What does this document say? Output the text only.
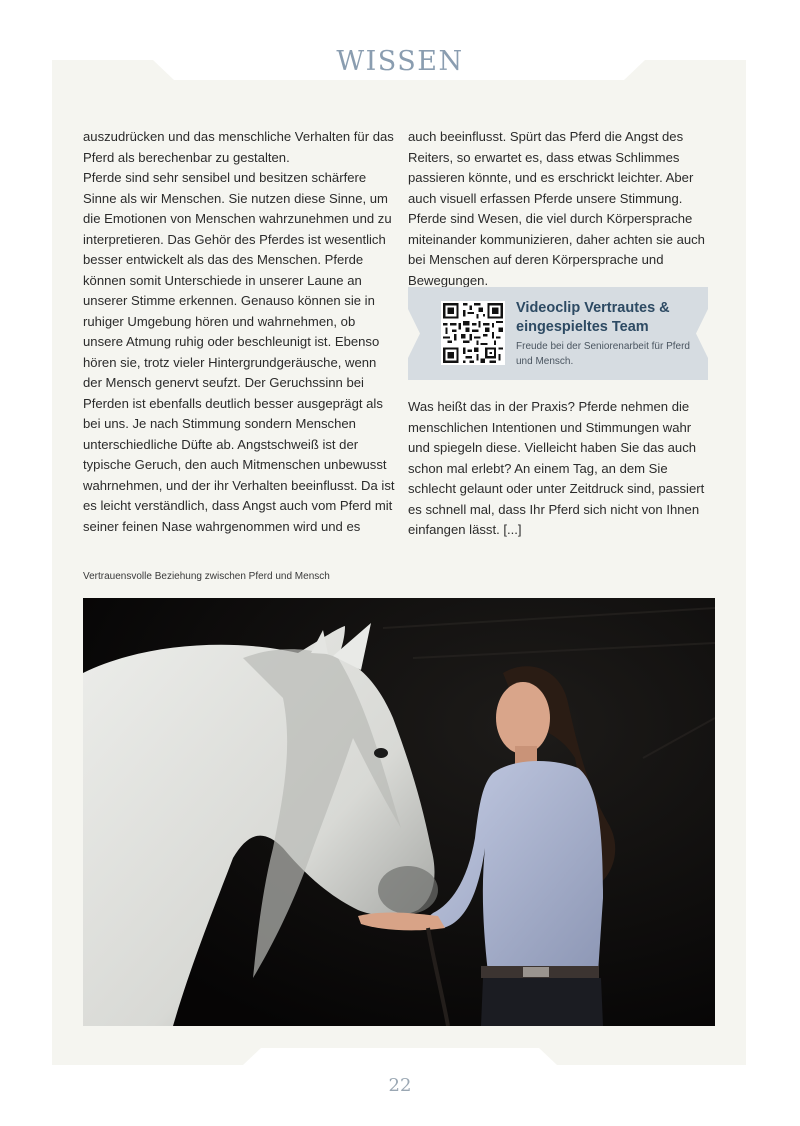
WISSEN

auszudrücken und das menschliche Verhalten für das Pferd als berechenbar zu gestalten.

Pferde sind sehr sensibel und besitzen schärfere Sinne als wir Menschen. Sie nutzen diese Sinne, um die Emotionen von Menschen wahrzunehmen und zu interpretieren. Das Gehör des Pferdes ist wesentlich besser entwickelt als das des Menschen. Pferde können somit Unterschiede in unserer Laune an unserer Stimme erkennen. Genauso können sie in ruhiger Umgebung hören und wahrnehmen, ob unsere Atmung ruhig oder beschleunigt ist. Ebenso hören sie, trotz vieler Hintergrundgeräusche, wenn der Mensch genervt seufzt. Der Geruchssinn bei Pferden ist ebenfalls deutlich besser ausgeprägt als bei uns. Je nach Stimmung sondern Menschen unterschiedliche Düfte ab. Angstschweiß ist der typische Geruch, den auch Mitmenschen unbewusst wahrnehmen, und der ihr Verhalten beeinflusst. Da ist es leicht verständlich, dass Angst auch vom Pferd mit seiner feinen Nase wahrgenommen wird und es

auch beeinflusst. Spürt das Pferd die Angst des Reiters, so erwartet es, dass etwas Schlimmes passieren könnte, und es erschrickt leichter. Aber auch visuell erfassen Pferde unsere Stimmung. Pferde sind Wesen, die viel durch Körpersprache miteinander kommunizieren, daher achten sie auch bei Menschen auf deren Körpersprache und Bewegungen.

Videoclip Vertrautes & eingespieltes Team
Freude bei der Seniorenarbeit für Pferd und Mensch.

Was heißt das in der Praxis? Pferde nehmen die menschlichen Intentionen und Stimmungen wahr und spiegeln diese. Vielleicht haben Sie das auch schon mal erlebt? An einem Tag, an dem Sie schlecht gelaunt oder unter Zeitdruck sind, passiert es schnell mal, dass Ihr Pferd sich nicht von Ihnen einfangen lässt. [...]

Vertrauensvolle Beziehung zwischen Pferd und Mensch
22
